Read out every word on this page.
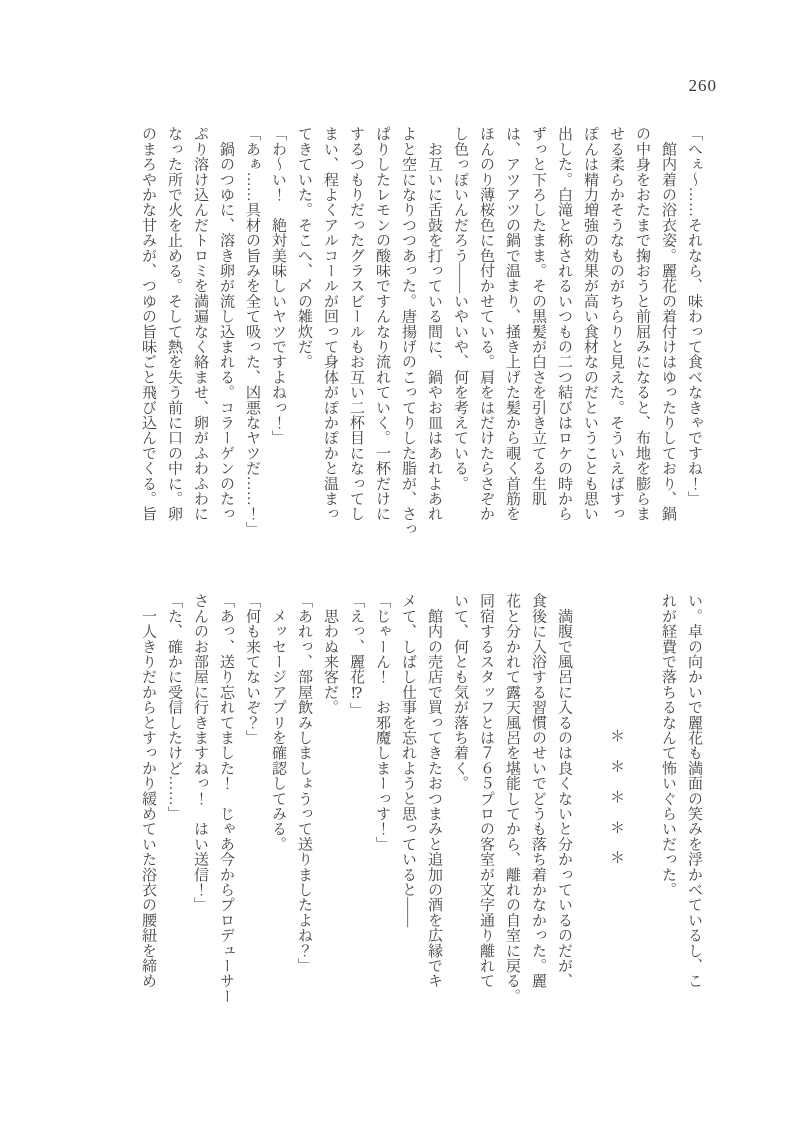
260
「へぇ～……それなら、味わって食べなきゃですね！」
　館内着の浴衣姿。麗花の着付けはゆったりしており、鍋
の中身をおたまで掬おうと前屈みになると、布地を膨らま
せる柔らかそうなものがちらりと見えた。そういえばすっ
ぽんは精力増強の効果が高い食材なのだということも思い
出した。白滝と称されるいつもの二つ結びはロケの時から
ずっと下ろしたまま。その黒髪が白さを引き立てる生肌
は、アツアツの鍋で温まり、掻き上げた髪から覗く首筋を
ほんのり薄桜色に色付かせている。肩をはだけたらさぞか
し色っぽいんだろう――いやいや、何を考えている。
　お互いに舌鼓を打っている間に、鍋やお皿はあれよあれ
よと空になりつつあった。唐揚げのこってりした脂が、さっ
ぱりしたレモンの酸味ですんなり流れていく。一杯だけに
するつもりだったグラスビールもお互い二杯目になってし
まい、程よくアルコールが回って身体がぽかぽかと温まっ
てきていた。そこへ、〆の雑炊だ。
「わ～い！　絶対美味しいヤツですよねっ！」
「あぁ……具材の旨みを全て吸った、凶悪なヤツだ……！」
　鍋のつゆに、溶き卵が流し込まれる。コラーゲンのたっ
ぷり溶け込んだトロミを満遍なく絡ませ、卵がふわふわに
なった所で火を止める。そして熱を失う前に口の中に。卵
のまろやかな甘みが、つゆの旨味ごと飛び込んでくる。旨
い。卓の向かいで麗花も満面の笑みを浮かべているし、こ
れが経費で落ちるなんて怖いぐらいだった。
＊　＊　＊　＊　＊
　満腹で風呂に入るのは良くないと分かっているのだが、
食後に入浴する習慣のせいでどうも落ち着かなかった。麗
花と分かれて露天風呂を堪能してから、離れの自室に戻る。
同宿するスタッフとは７６５プロの客室が文字通り離れて
いて、何とも気が落ち着く。
　館内の売店で買ってきたおつまみと追加の酒を広縁でキ
メて、しばし仕事を忘れようと思っていると――
「じゃーん！　お邪魔しまーっす！」
「えっ、麗花⁉」
　思わぬ来客だ。
「あれっ、部屋飲みしましょうって送りましたよね？」
　メッセージアプリを確認してみる。
「何も来てないぞ？」
「あっ、送り忘れてました！　じゃあ今からプロデューサー
さんのお部屋に行きますねっ！　はい送信！」
「た、確かに受信したけど……」
　一人きりだからとすっかり緩めていた浴衣の腰紐を締め
